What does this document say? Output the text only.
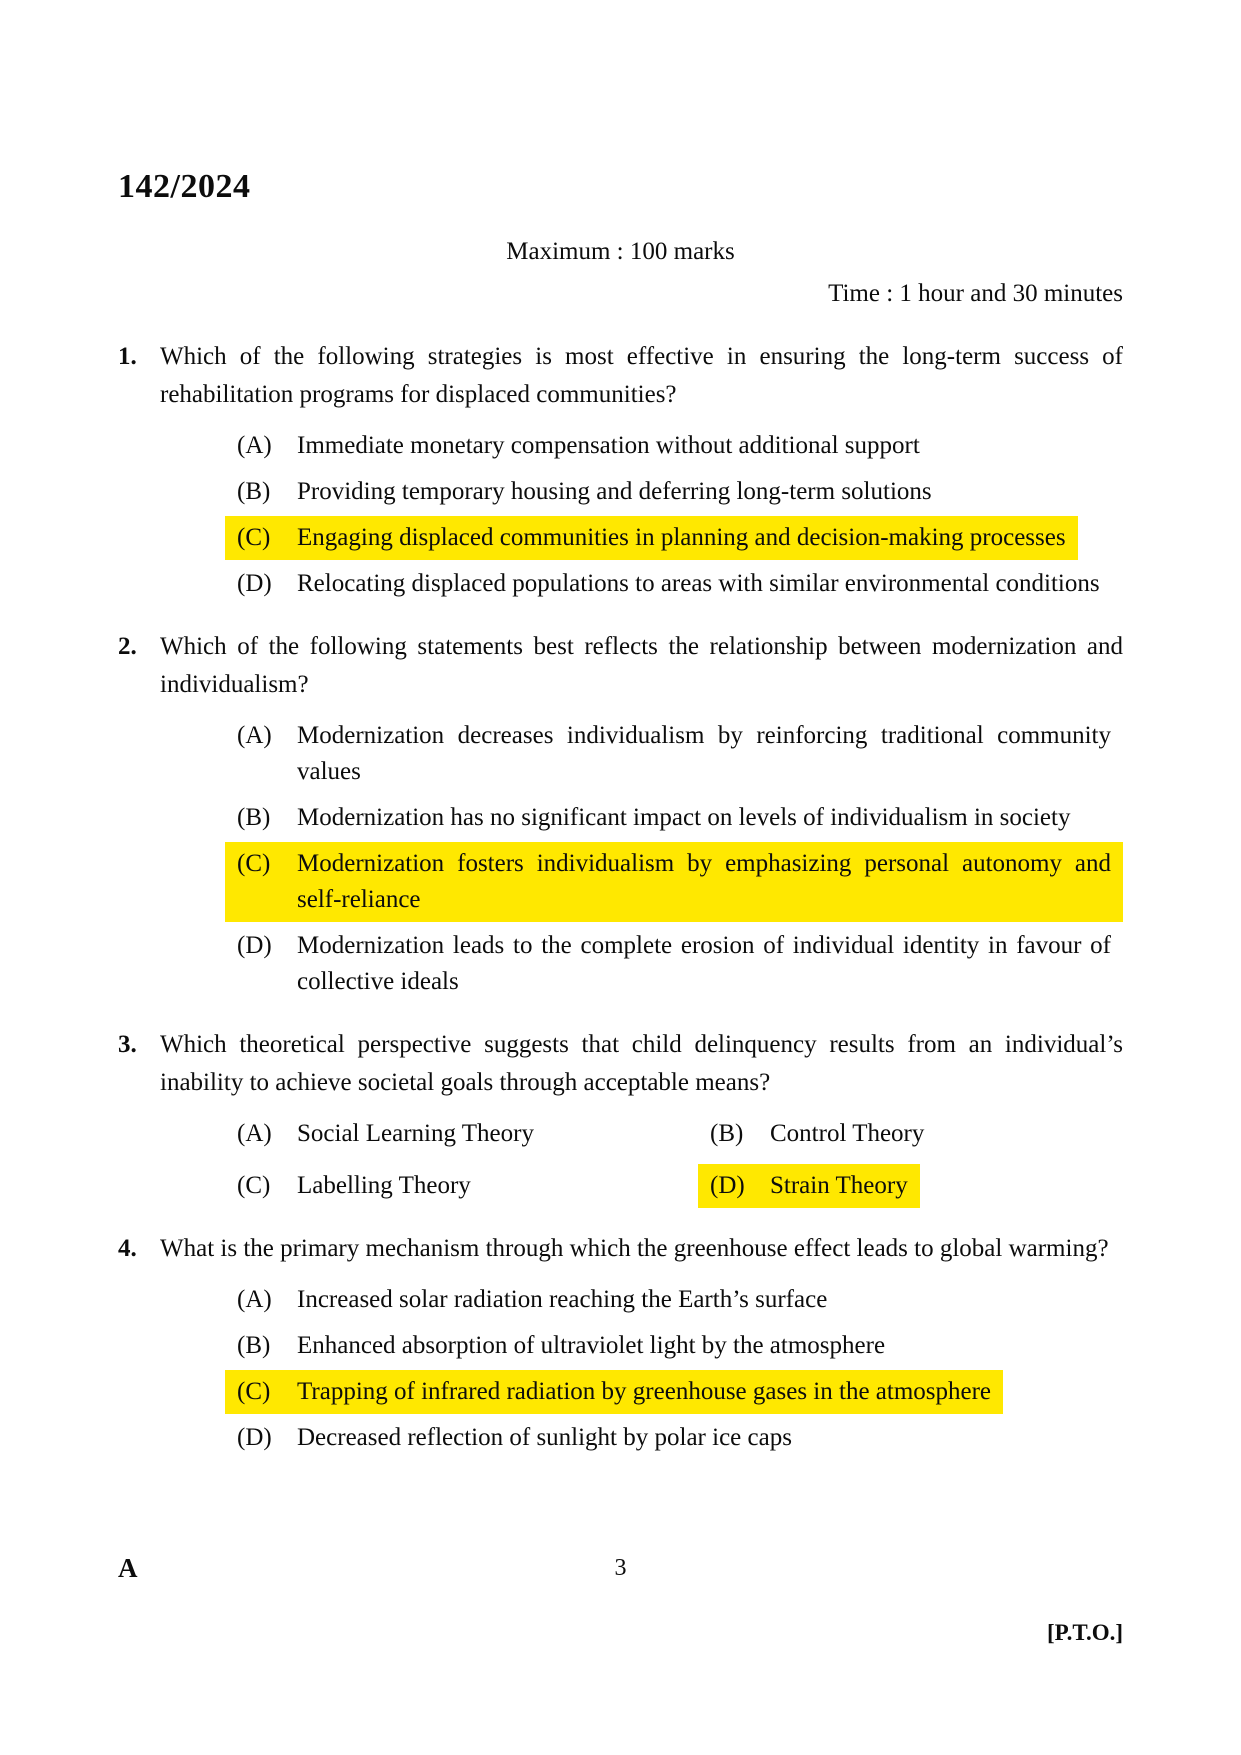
142/2024
Maximum : 100 marks
Time : 1 hour and 30 minutes
1. Which of the following strategies is most effective in ensuring the long-term success of rehabilitation programs for displaced communities?
(A)	Immediate monetary compensation without additional support
(B)	Providing temporary housing and deferring long-term solutions
(C)	Engaging displaced communities in planning and decision-making processes
(D)	Relocating displaced populations to areas with similar environmental conditions
2. Which of the following statements best reflects the relationship between modernization and individualism?
(A)	Modernization decreases individualism by reinforcing traditional community values
(B)	Modernization has no significant impact on levels of individualism in society
(C)	Modernization fosters individualism by emphasizing personal autonomy and self-reliance
(D)	Modernization leads to the complete erosion of individual identity in favour of collective ideals
3. Which theoretical perspective suggests that child delinquency results from an individual’s inability to achieve societal goals through acceptable means?
(A)	Social Learning Theory	(B)	Control Theory
(C)	Labelling Theory	(D)	Strain Theory
4. What is the primary mechanism through which the greenhouse effect leads to global warming?
(A)	Increased solar radiation reaching the Earth’s surface
(B)	Enhanced absorption of ultraviolet light by the atmosphere
(C)	Trapping of infrared radiation by greenhouse gases in the atmosphere
(D)	Decreased reflection of sunlight by polar ice caps
A	3
[P.T.O.]
